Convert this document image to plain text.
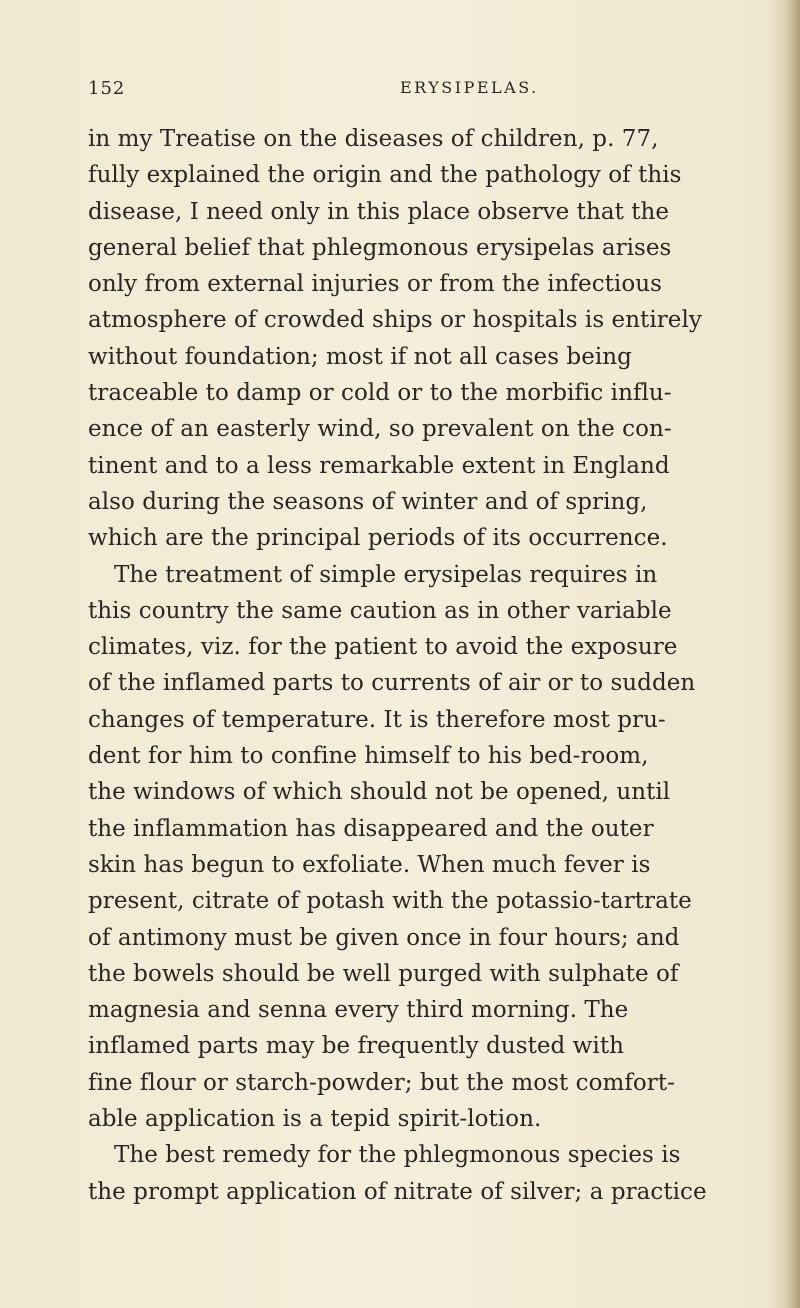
152	ERYSIPELAS.
in my Treatise on the diseases of children, p. 77,
fully explained the origin and the pathology of this
disease, I need only in this place observe that the
general belief that phlegmonous erysipelas arises
only from external injuries or from the infectious
atmosphere of crowded ships or hospitals is entirely
without foundation; most if not all cases being
traceable to damp or cold or to the morbific influ-
ence of an easterly wind, so prevalent on the con-
tinent and to a less remarkable extent in England
also during the seasons of winter and of spring,
which are the principal periods of its occurrence.
The treatment of simple erysipelas requires in
this country the same caution as in other variable
climates, viz. for the patient to avoid the exposure
of the inflamed parts to currents of air or to sudden
changes of temperature. It is therefore most pru-
dent for him to confine himself to his bed-room,
the windows of which should not be opened, until
the inflammation has disappeared and the outer
skin has begun to exfoliate. When much fever is
present, citrate of potash with the potassio-tartrate
of antimony must be given once in four hours; and
the bowels should be well purged with sulphate of
magnesia and senna every third morning. The
inflamed parts may be frequently dusted with
fine flour or starch-powder; but the most comfort-
able application is a tepid spirit-lotion.
The best remedy for the phlegmonous species is
the prompt application of nitrate of silver; a practice
